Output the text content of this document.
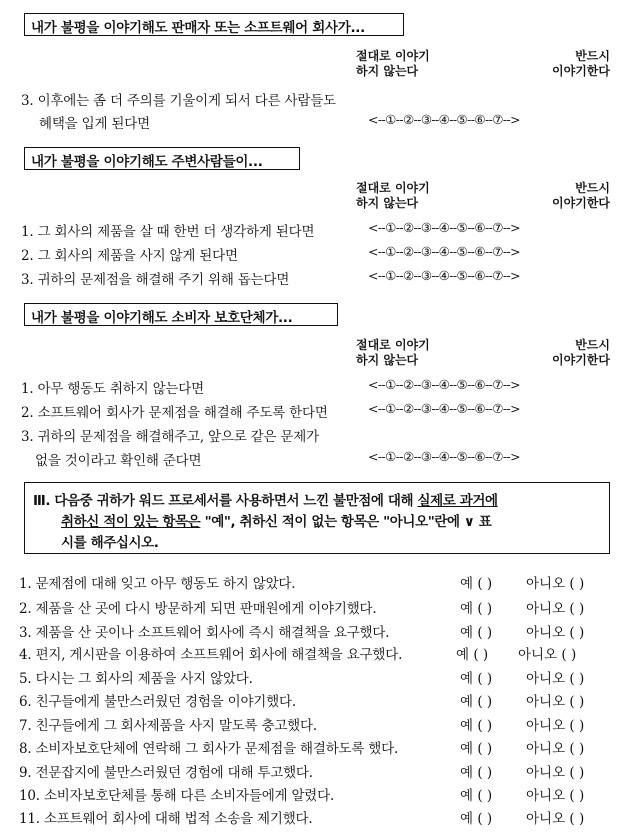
내가 불평을 이야기해도 판매자 또는 소프트웨어 회사가...
절대로 이야기
하지 않는다
반드시
이야기한다
3. 이후에는 좀 더 주의를 기울이게 되서 다른 사람들도
혜택을 입게 된다면	<--①--②--③--④--⑤--⑥--⑦-->
내가 불평을 이야기해도 주변사람들이...
절대로 이야기
하지 않는다
반드시
이야기한다
1. 그 회사의 제품을 살 때 한번 더 생각하게 된다면	<--①--②--③--④--⑤--⑥--⑦-->
2. 그 회사의 제품을 사지 않게 된다면	<--①--②--③--④--⑤--⑥--⑦-->
3. 귀하의 문제점을 해결해 주기 위해 돕는다면	<--①--②--③--④--⑤--⑥--⑦-->
내가 불평을 이야기해도 소비자 보호단체가...
절대로 이야기
하지 않는다
반드시
이야기한다
1. 아무 행동도 취하지 않는다면	<--①--②--③--④--⑤--⑥--⑦-->
2. 소프트웨어 회사가 문제점을 해결해 주도록 한다면	<--①--②--③--④--⑤--⑥--⑦-->
3. 귀하의 문제점을 해결해주고, 앞으로 같은 문제가
없을 것이라고 확인해 준다면	<--①--②--③--④--⑤--⑥--⑦-->
Ⅲ. 다음중 귀하가 워드 프로세서를 사용하면서 느낀 불만점에 대해 실제로 과거에
취하신 적이 있는 항목은 "예", 취하신 적이 없는 항목은 "아니오"란에 ∨ 표
시를 해주십시오.
1. 문제점에 대해 잊고 아무 행동도 하지 않았다.	예 ( )	아니오 ( )
2. 제품을 산 곳에 다시 방문하게 되면 판매원에게 이야기했다.	예 ( )	아니오 ( )
3. 제품을 산 곳이나 소프트웨어 회사에 즉시 해결책을 요구했다.	예 ( )	아니오 ( )
4. 편지, 게시판을 이용하여 소프트웨어 회사에 해결책을 요구했다.	예 ( ) 아니오 ( )
5. 다시는 그 회사의 제품을 사지 않았다.	예 ( )	아니오 ( )
6. 친구들에게 불만스러웠던 경험을 이야기했다.	예 ( )	아니오 ( )
7. 친구들에게 그 회사제품을 사지 말도록 충고했다.	예 ( )	아니오 ( )
8. 소비자보호단체에 연락해 그 회사가 문제점을 해결하도록 했다.	예 ( )	아니오 ( )
9. 전문잡지에 불만스러웠던 경험에 대해 투고했다.	예 ( )	아니오 ( )
10. 소비자보호단체를 통해 다른 소비자들에게 알렸다.	예 ( )	아니오 ( )
11. 소프트웨어 회사에 대해 법적 소송을 제기했다.	예 ( )	아니오 ( )
